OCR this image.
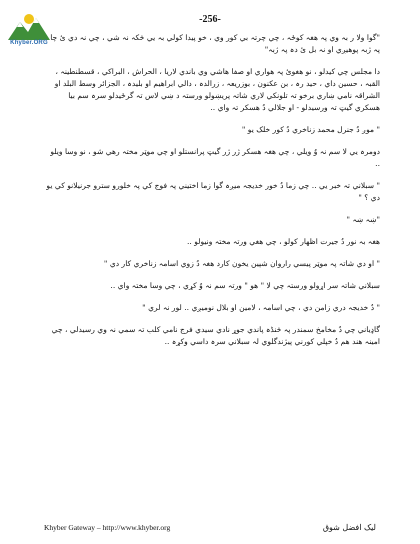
Khyber.ORG
-256-

"گوا ولا ر بہ وي پہ ھغہ کوځہ ، چي چرتہ بي کور وي ، خو پيدا کولي بہ يي څکہ نہ شي ، چي نہ دي ئ چا پہ ژبہ پوھيږي او نہ بل ئ دہ پہ ژبہ"

دا مجلس چي کيدلو ، نو ھغوئ پہ ھواري او صفا ھاشي وي باندي لاريا ، الحراش ، البراکي ، قسطنطينہ ، القبہ ، حسين داي ، حيد رہ ، بن عکنون ، بوزريعہ ، زرالدہ ، دالي ابراھيم او بليدہ ، الجزائر وسط البلد او الشراقہ نامي ښاري برخو تہ تلونکي لاري شاتہ پريښولو ورستہ د ښي لاس تہ گرځيدلو سرہ سم بيا ھسکري گيټ تہ ورسيدلو - او جلالي دُ ھسکر تہ واي ..

" موږ دُ جنرل محمد زناخري دُ کور خلک يو "

دومرہ يي لا سم نہ وُ ويلي ، چي ھغہ ھسکر ژر ژر گيټ پرانستلو او چي موټر مختہ رھي شو ، نو وسا ويلو ..

" سبلاني تہ خبر يي .. چي زما دُ خور خديجہ ميږہ گوا زما اختيني پہ فوج کي پہ خلورو سترو جرنيلانو کي يو دي ؟ "

"ښہ ښہ "

ھغہ بہ نور دُ جيرت اظھار کولو ، چي ھغي ورتہ مختہ ونيولو ..

" او دي شاتہ پہ موټر پيسي راروان شپين يخون کارد ھغہ دُ زوي اسامہ زناخري کار دي "

سبلاني شاتہ سر اړولو ورستہ چي لا " ھو " ورتہ سم نہ وُ کړي ، چي وسا مختہ واي ..

" دُ خديجہ دري زامن دي ، چي اسامہ ، لامين او بلال نوميږي .. لور نہ لري "

گاډياني چي دُ مخامخ سمندر پہ څنڈہ پاندي جوړ نادي سيدي فرج نامي کلب تہ سمي نہ وي رسيدلي ، چي امينہ ھند ھم دُ خپلي کورني پيژندگلوي لہ سبلاني سرہ داسي وکړہ ..

Khyber Gateway – http://www.khyber.org	ليک افضل شوق
